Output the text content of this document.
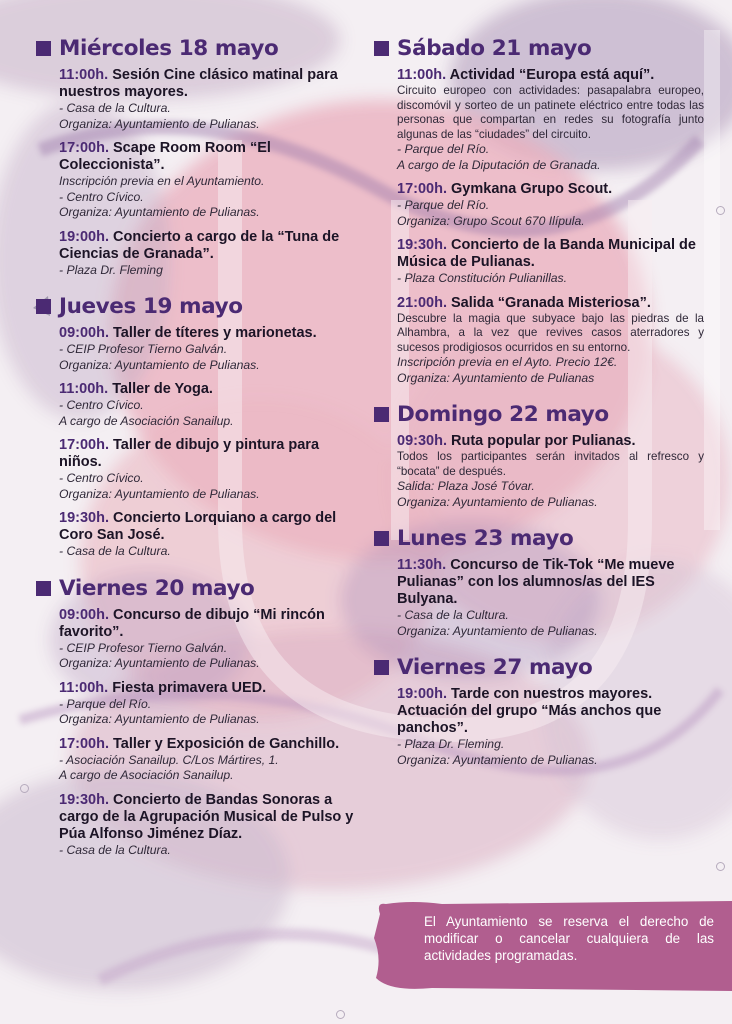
Miércoles 18 mayo
11:00h. Sesión Cine clásico matinal para nuestros mayores.
- Casa de la Cultura.
Organiza: Ayuntamiento de Pulianas.
17:00h. Scape Room Room “El Coleccionista”.
Inscripción previa en el Ayuntamiento.
- Centro Cívico.
Organiza: Ayuntamiento de Pulianas.
19:00h. Concierto a cargo de la “Tuna de Ciencias de Granada”.
- Plaza Dr. Fleming
Jueves 19 mayo
09:00h. Taller de títeres y marionetas.
- CEIP Profesor Tierno Galván.
Organiza: Ayuntamiento de Pulianas.
11:00h. Taller de Yoga.
- Centro Cívico.
A cargo de Asociación Sanailup.
17:00h. Taller de dibujo y pintura para niños.
- Centro Cívico.
Organiza: Ayuntamiento de Pulianas.
19:30h. Concierto Lorquiano a cargo del Coro San José.
- Casa de la Cultura.
Viernes 20 mayo
09:00h. Concurso de dibujo “Mi rincón favorito”.
- CEIP Profesor Tierno Galván.
Organiza: Ayuntamiento de Pulianas.
11:00h. Fiesta primavera UED.
- Parque del Río.
Organiza: Ayuntamiento de Pulianas.
17:00h. Taller y Exposición de Ganchillo.
- Asociación Sanailup. C/Los Mártires, 1.
A cargo de Asociación Sanailup.
19:30h. Concierto de Bandas Sonoras a cargo de la Agrupación Musical de Pulso y Púa Alfonso Jiménez Díaz.
- Casa de la Cultura.
Sábado 21 mayo
11:00h. Actividad “Europa está aquí”.
Circuito europeo con actividades: pasapalabra europeo, discomóvil y sorteo de un patinete eléctrico entre todas las personas que compartan en redes su fotografía junto algunas de las “ciudades” del circuito.
- Parque del Río.
A cargo de la Diputación de Granada.
17:00h. Gymkana Grupo Scout.
- Parque del Río.
Organiza: Grupo Scout 670 Ilípula.
19:30h. Concierto de la Banda Municipal de Música de Pulianas.
- Plaza Constitución Pulianillas.
21:00h. Salida “Granada Misteriosa”.
Descubre la magia que subyace bajo las piedras de la Alhambra, a la vez que revives casos aterradores y sucesos prodigiosos ocurridos en su entorno.
Inscripción previa en el Ayto. Precio 12€.
Organiza: Ayuntamiento de Pulianas
Domingo 22 mayo
09:30h. Ruta popular por Pulianas.
Todos los participantes serán invitados al refresco y “bocata” de después.
Salida: Plaza José Tóvar.
Organiza: Ayuntamiento de Pulianas.
Lunes 23 mayo
11:30h. Concurso de Tik-Tok “Me mueve Pulianas” con los alumnos/as del IES Bulyana.
- Casa de la Cultura.
Organiza: Ayuntamiento de Pulianas.
Viernes 27 mayo
19:00h. Tarde con nuestros mayores. Actuación del grupo “Más anchos que panchos”.
- Plaza Dr. Fleming.
Organiza: Ayuntamiento de Pulianas.

El Ayuntamiento se reserva el derecho de modificar o cancelar cualquiera de las actividades programadas.
